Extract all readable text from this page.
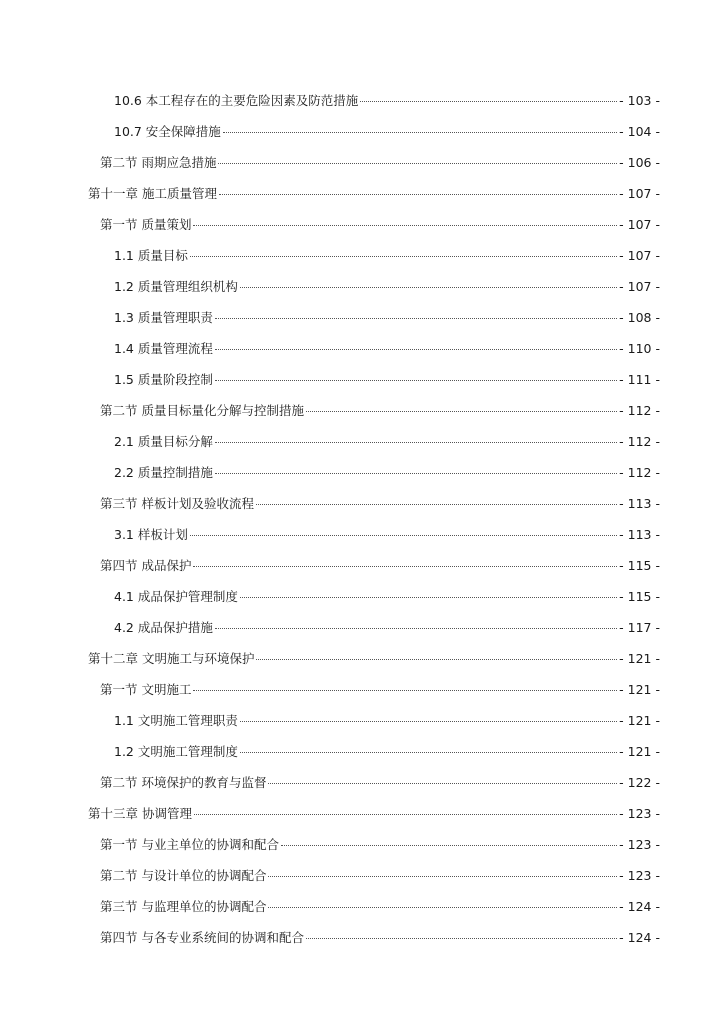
10.6 本工程存在的主要危险因素及防范措施	- 103 -
10.7 安全保障措施	- 104 -
第二节 雨期应急措施	- 106 -
第十一章 施工质量管理	- 107 -
第一节 质量策划	- 107 -
1.1 质量目标	- 107 -
1.2 质量管理组织机构	- 107 -
1.3 质量管理职责	- 108 -
1.4 质量管理流程	- 110 -
1.5 质量阶段控制	- 111 -
第二节 质量目标量化分解与控制措施	- 112 -
2.1 质量目标分解	- 112 -
2.2 质量控制措施	- 112 -
第三节 样板计划及验收流程	- 113 -
3.1 样板计划	- 113 -
第四节 成品保护	- 115 -
4.1 成品保护管理制度	- 115 -
4.2 成品保护措施	- 117 -
第十二章 文明施工与环境保护	- 121 -
第一节 文明施工	- 121 -
1.1 文明施工管理职责	- 121 -
1.2 文明施工管理制度	- 121 -
第二节 环境保护的教育与监督	- 122 -
第十三章 协调管理	- 123 -
第一节 与业主单位的协调和配合	- 123 -
第二节 与设计单位的协调配合	- 123 -
第三节 与监理单位的协调配合	- 124 -
第四节 与各专业系统间的协调和配合	- 124 -
